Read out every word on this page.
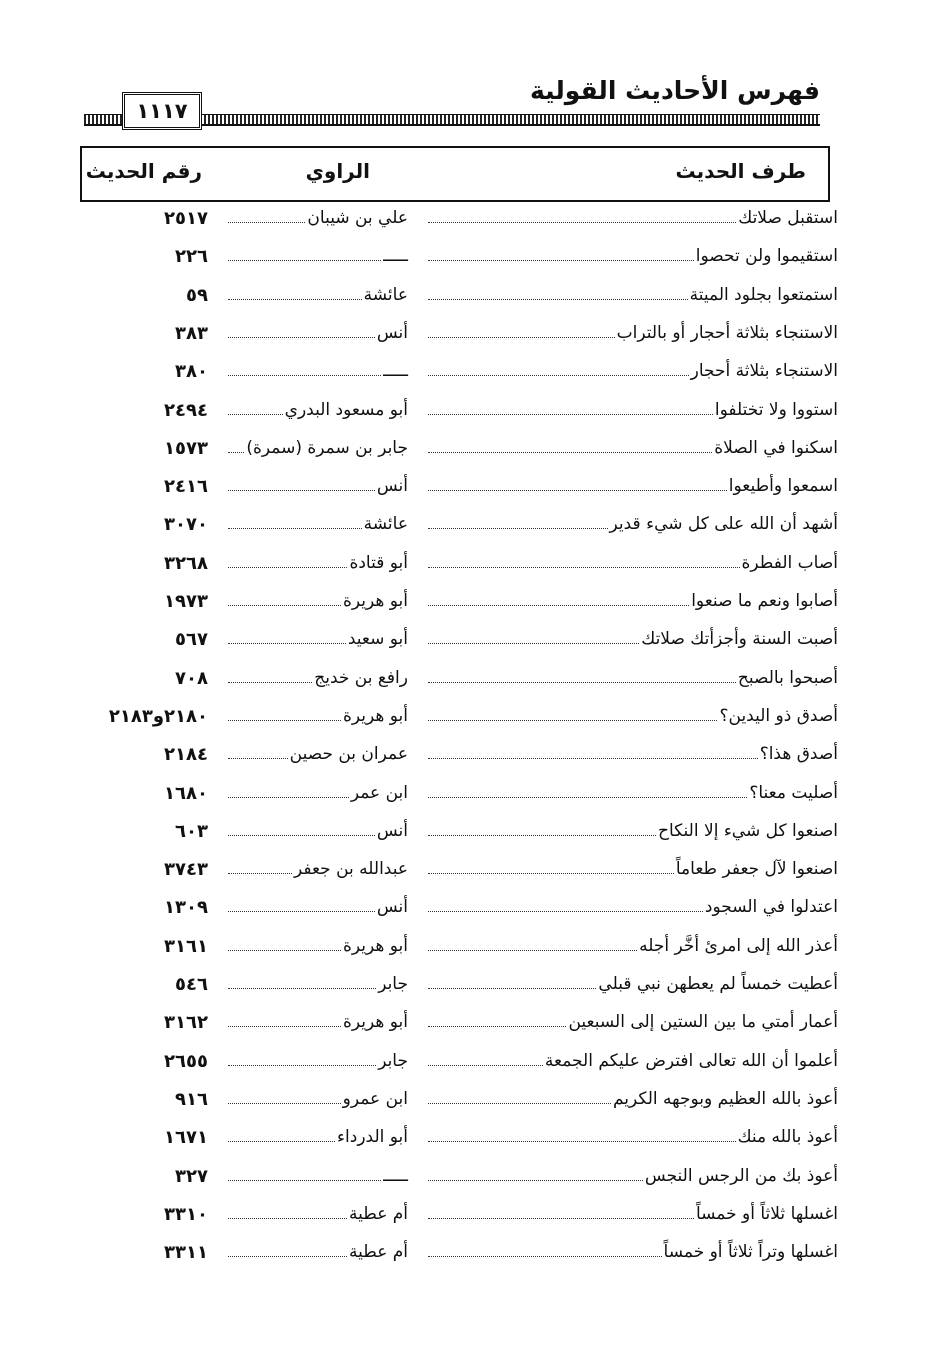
فهرس الأحاديث القولية
١١١٧
طرف الحديث
الراوي
رقم الحديث
استقبل صلاتك
علي بن شيبان
٢٥١٧
استقيموا ولن تحصوا
ـــــ
٢٢٦
استمتعوا بجلود الميتة
عائشة
٥٩
الاستنجاء بثلاثة أحجار أو بالتراب
أنس
٣٨٣
الاستنجاء بثلاثة أحجار
ـــــ
٣٨٠
استووا ولا تختلفوا
أبو مسعود البدري
٢٤٩٤
اسكنوا في الصلاة
جابر بن سمرة (سمرة)
١٥٧٣
اسمعوا وأطيعوا
أنس
٢٤١٦
أشهد أن الله على كل شيء قدير
عائشة
٣٠٧٠
أصاب الفطرة
أبو قتادة
٣٢٦٨
أصابوا ونعم ما صنعوا
أبو هريرة
١٩٧٣
أصبت السنة وأجزأتك صلاتك
أبو سعيد
٥٦٧
أصبحوا بالصبح
رافع بن خديج
٧٠٨
أصدق ذو اليدين؟
أبو هريرة
٢١٨٠و٢١٨٣
أصدق هذا؟
عمران بن حصين
٢١٨٤
أصليت معنا؟
ابن عمر
١٦٨٠
اصنعوا كل شيء إلا النكاح
أنس
٦٠٣
اصنعوا لآل جعفر طعاماً
عبدالله بن جعفر
٣٧٤٣
اعتدلوا في السجود
أنس
١٣٠٩
أعذر الله إلى امرئ أخَّر أجله
أبو هريرة
٣١٦١
أعطيت خمساً لم يعطهن نبي قبلي
جابر
٥٤٦
أعمار أمتي ما بين الستين إلى السبعين
أبو هريرة
٣١٦٢
أعلموا أن الله تعالى افترض عليكم الجمعة
جابر
٢٦٥٥
أعوذ بالله العظيم وبوجهه الكريم
ابن عمرو
٩١٦
أعوذ بالله منك
أبو الدرداء
١٦٧١
أعوذ بك من الرجس النجس
ـــــ
٣٢٧
اغسلها ثلاثاً أو خمساً
أم عطية
٣٣١٠
اغسلها وتراً ثلاثاً أو خمساً
أم عطية
٣٣١١
